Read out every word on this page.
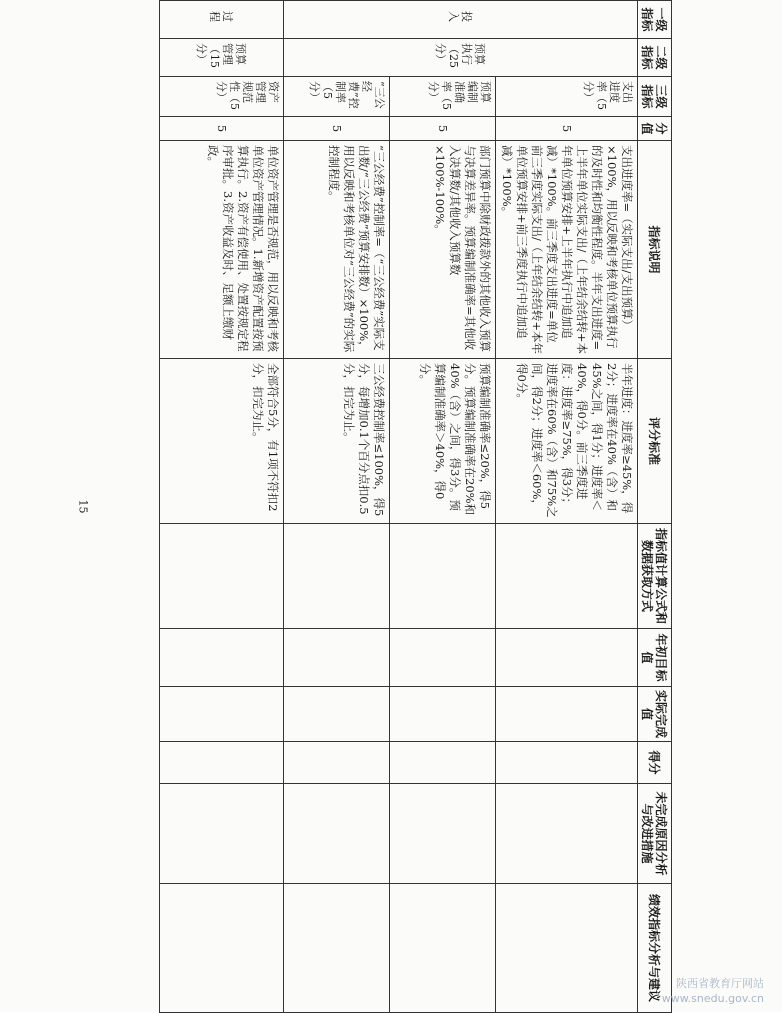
一级指标	二级指标	三级指标	分值	指标说明	评分标准	指标值计算公式和数据获取方式	年初目标值	实际完成值	得分	未完成原因分析与改进措施	绩效指标分析与建议
投入	预算执行（25分）	支出进度率（5分）	5	支出进度率=（实际支出/支出预算）×100%，用以反映和考核单位预算执行的及时性和均衡性程度。半年支出进度=上半年单位实际支出/（上年结余结转+本年单位预算安排+上半年执行中追加追减）*100%。前三季度支出进度=单位前三季度实际支出/（上年结余结转+本年单位预算安排+前三季度执行中追加追减）*100%。	半年进度：进度率≥45%，得2分；进度率在40%（含）和45%之间，得1分；进度率＜40%，得0分。前三季度进度：进度率≥75%，得3分；进度率在60%（含）和75%之间，得2分；进度率＜60%，得0分。						
		预算编制准确率（5分）	5	部门预算中除财政拨款外的其他收入预算与决算差异率。预算编制准确率=其他收入决算数/其他收入预算数×100%-100%。	预算编制准确率≤20%，得5分。预算编制准确率在20%和40%（含）之间，得3分。预算编制准确率＞40%，得0分。						
		“三公经费”控制率（5分）	5	“三公经费”控制率=（“三公经费”实际支出数/“三公经费”预算安排数）×100%，用以反映和考核单位对“三公经费”的实际控制程度。	三公经费控制率≤100%，得5分，每增加0.1个百分点扣0.5分，扣完为止。						
过程	预算管理（15分）	资产管理规范性（5分）	5	单位资产管理是否规范，用以反映和考核单位资产管理情况。1.新增资产配置按预算执行。2.资产有偿使用、处置按规定程序审批。3.资产收益及时、足额上缴财政。	全部符合5分，有1项不符扣2分，扣完为止。						
15
陕西省教育厅网站
www.snedu.gov.cn
